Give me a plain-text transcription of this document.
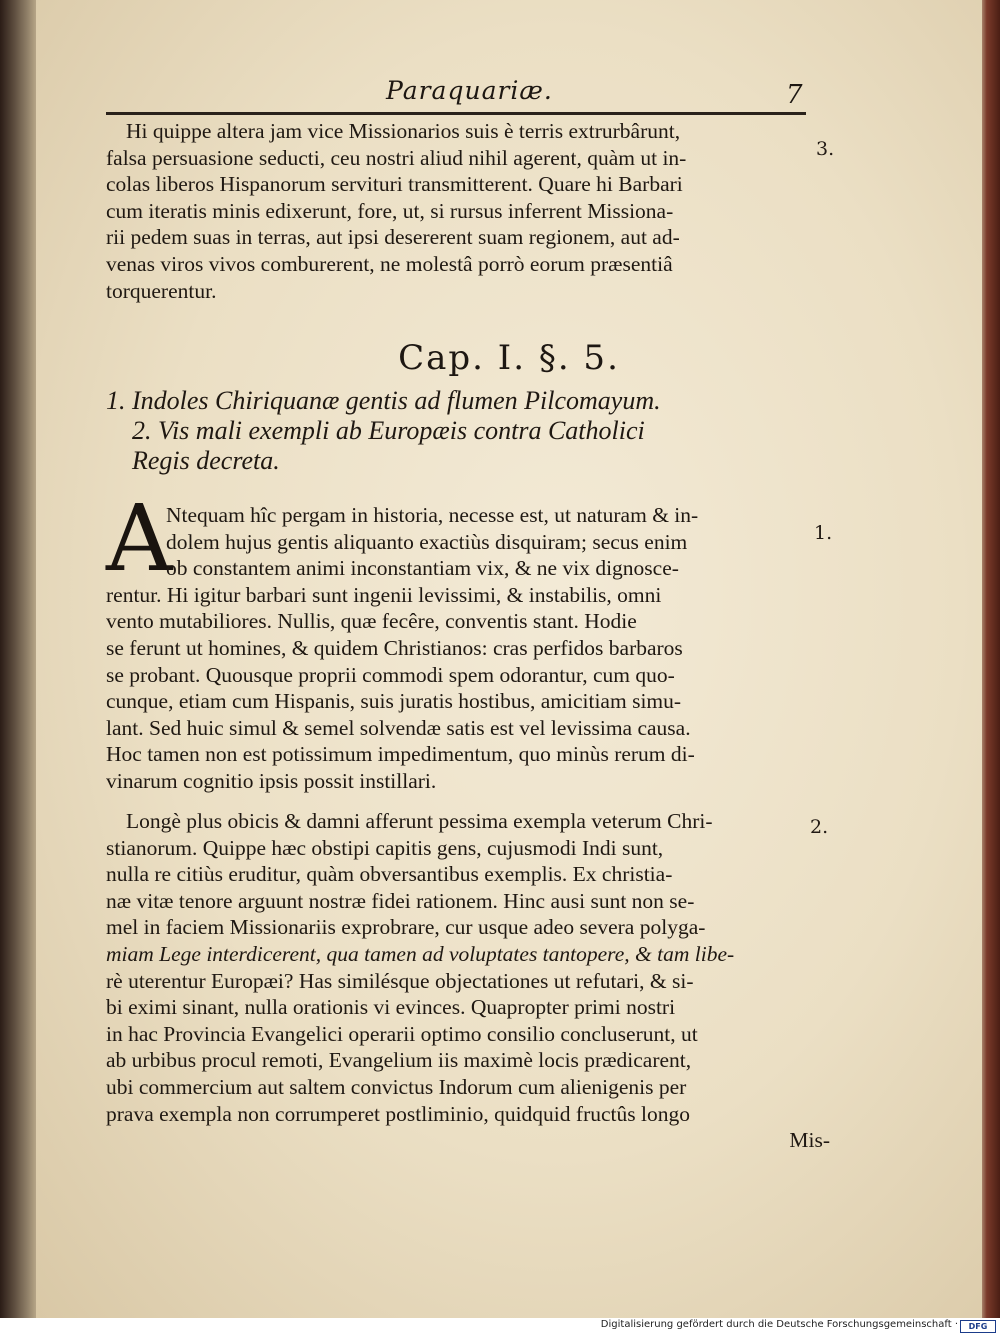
Paraquariæ.	7
3.
1.
2.
Hi quippe altera jam vice Missionarios suis è terris extrurbârunt,
falsa persuasione seducti, ceu nostri aliud nihil agerent, quàm ut in-
colas liberos Hispanorum servituri transmitterent. Quare hi Barbari
cum iteratis minis edixerunt, fore, ut, si rursus inferrent Missiona-
rii pedem suas in terras, aut ipsi desererent suam regionem, aut ad-
venas viros vivos comburerent, ne molestâ porrò eorum præsentiâ
torquerentur.
Cap. I. §. 5.
1. Indoles Chiriquanæ gentis ad flumen Pilcomayum.
2. Vis mali exempli ab Europæis contra Catholici
Regis decreta.
A
Ntequam hîc pergam in historia, necesse est, ut naturam & in-
dolem hujus gentis aliquanto exactiùs disquiram; secus enim
ob constantem animi inconstantiam vix, & ne vix dignosce-
rentur. Hi igitur barbari sunt ingenii levissimi, & instabilis, omni
vento mutabiliores. Nullis, quæ fecêre, conventis stant. Hodie
se ferunt ut homines, & quidem Christianos: cras perfidos barbaros
se probant. Quousque proprii commodi spem odorantur, cum quo-
cunque, etiam cum Hispanis, suis juratis hostibus, amicitiam simu-
lant. Sed huic simul & semel solvendæ satis est vel levissima causa.
Hoc tamen non est potissimum impedimentum, quo minùs rerum di-
vinarum cognitio ipsis possit instillari.
Longè plus obicis & damni afferunt pessima exempla veterum Chri-
stianorum. Quippe hæc obstipi capitis gens, cujusmodi Indi sunt,
nulla re citiùs eruditur, quàm obversantibus exemplis. Ex christia-
næ vitæ tenore arguunt nostræ fidei rationem. Hinc ausi sunt non se-
mel in faciem Missionariis exprobrare, cur usque adeo severa polyga-
miam Lege interdicerent, qua tamen ad voluptates tantopere, & tam libe-
rè uterentur Europæi? Has similésque objectationes ut refutari, & si-
bi eximi sinant, nulla orationis vi evinces. Quapropter primi nostri
in hac Provincia Evangelici operarii optimo consilio concluserunt, ut
ab urbibus procul remoti, Evangelium iis maximè locis prædicarent,
ubi commercium aut saltem convictus Indorum cum alienigenis per
prava exempla non corrumperet postliminio, quidquid fructûs longo
Mis-
Digitalisierung gefördert durch die Deutsche Forschungsgemeinschaft ·	DFG
